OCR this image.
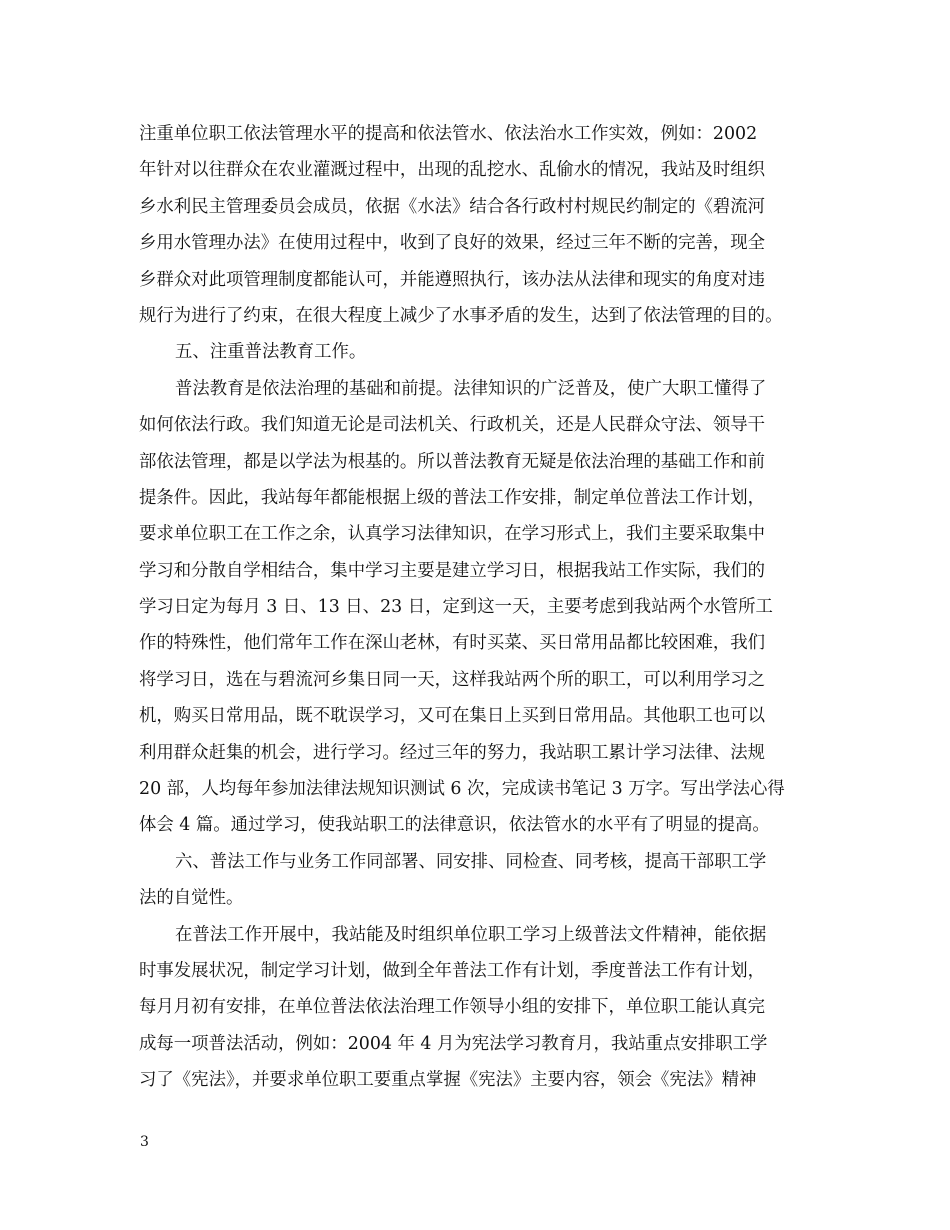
注重单位职工依法管理水平的提高和依法管水、依法治水工作实效，例如：2002
年针对以往群众在农业灌溉过程中，出现的乱挖水、乱偷水的情况，我站及时组织
乡水利民主管理委员会成员，依据《水法》结合各行政村村规民约制定的《碧流河
乡用水管理办法》在使用过程中，收到了良好的效果，经过三年不断的完善，现全
乡群众对此项管理制度都能认可，并能遵照执行，该办法从法律和现实的角度对违
规行为进行了约束，在很大程度上减少了水事矛盾的发生，达到了依法管理的目的。
五、注重普法教育工作。
普法教育是依法治理的基础和前提。法律知识的广泛普及，使广大职工懂得了
如何依法行政。我们知道无论是司法机关、行政机关，还是人民群众守法、领导干
部依法管理，都是以学法为根基的。所以普法教育无疑是依法治理的基础工作和前
提条件。因此，我站每年都能根据上级的普法工作安排，制定单位普法工作计划，
要求单位职工在工作之余，认真学习法律知识，在学习形式上，我们主要采取集中
学习和分散自学相结合，集中学习主要是建立学习日，根据我站工作实际，我们的
学习日定为每月 3 日、13 日、23 日，定到这一天，主要考虑到我站两个水管所工
作的特殊性，他们常年工作在深山老林，有时买菜、买日常用品都比较困难，我们
将学习日，选在与碧流河乡集日同一天，这样我站两个所的职工，可以利用学习之
机，购买日常用品，既不耽误学习，又可在集日上买到日常用品。其他职工也可以
利用群众赶集的机会，进行学习。经过三年的努力，我站职工累计学习法律、法规
20 部，人均每年参加法律法规知识测试 6 次，完成读书笔记 3 万字。写出学法心得
体会 4 篇。通过学习，使我站职工的法律意识，依法管水的水平有了明显的提高。
六、普法工作与业务工作同部署、同安排、同检查、同考核，提高干部职工学
法的自觉性。
在普法工作开展中，我站能及时组织单位职工学习上级普法文件精神，能依据
时事发展状况，制定学习计划，做到全年普法工作有计划，季度普法工作有计划，
每月月初有安排，在单位普法依法治理工作领导小组的安排下，单位职工能认真完
成每一项普法活动，例如：2004 年 4 月为宪法学习教育月，我站重点安排职工学
习了《宪法》，并要求单位职工要重点掌握《宪法》主要内容，领会《宪法》精神
3
